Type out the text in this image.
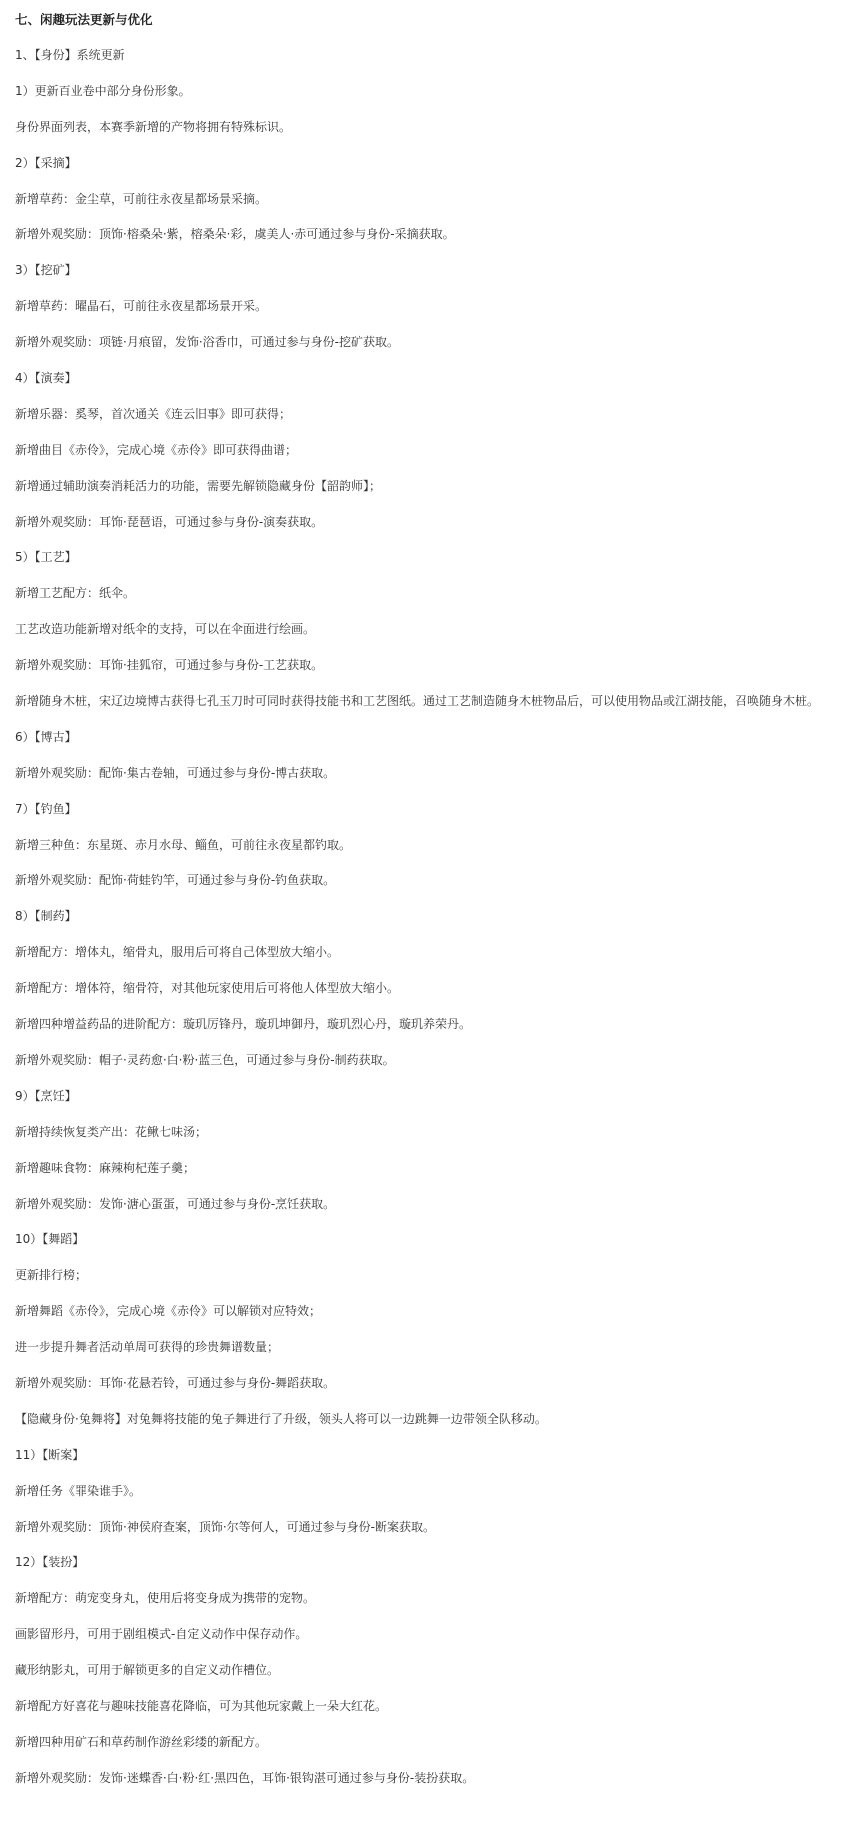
七、闲趣玩法更新与优化

1、【身份】系统更新

1）更新百业卷中部分身份形象。

身份界面列表，本赛季新增的产物将拥有特殊标识。

2）【采摘】

新增草药：金尘草，可前往永夜星都场景采摘。

新增外观奖励：顶饰·榕桑朵·紫，榕桑朵·彩，虞美人·赤可通过参与身份-采摘获取。

3）【挖矿】

新增草药：曜晶石，可前往永夜星都场景开采。

新增外观奖励：项链·月痕留，发饰·浴香巾，可通过参与身份-挖矿获取。

4）【演奏】

新增乐器：奚琴，首次通关《连云旧事》即可获得；

新增曲目《赤伶》，完成心境《赤伶》即可获得曲谱；

新增通过辅助演奏消耗活力的功能，需要先解锁隐藏身份【韶韵师】；

新增外观奖励：耳饰·琵琶语，可通过参与身份-演奏获取。

5）【工艺】

新增工艺配方：纸伞。

工艺改造功能新增对纸伞的支持，可以在伞面进行绘画。

新增外观奖励：耳饰·挂狐帘，可通过参与身份-工艺获取。

新增随身木桩，宋辽边境博古获得七孔玉刀时可同时获得技能书和工艺图纸。通过工艺制造随身木桩物品后，可以使用物品或江湖技能，召唤随身木桩。

6）【博古】

新增外观奖励：配饰·集古卷轴，可通过参与身份-博古获取。

7）【钓鱼】

新增三种鱼：东星斑、赤月水母、鲻鱼，可前往永夜星都钓取。

新增外观奖励：配饰·荷蛙钓竿，可通过参与身份-钓鱼获取。

8）【制药】

新增配方：增体丸，缩骨丸，服用后可将自己体型放大缩小。

新增配方：增体符，缩骨符，对其他玩家使用后可将他人体型放大缩小。

新增四种增益药品的进阶配方：璇玑厉锋丹，璇玑坤御丹，璇玑烈心丹，璇玑养荣丹。

新增外观奖励：帽子·灵药愈·白·粉·蓝三色，可通过参与身份-制药获取。

9）【烹饪】

新增持续恢复类产出：花鳅七味汤；

新增趣味食物：麻辣枸杞莲子羹；

新增外观奖励：发饰·溏心蛋蛋，可通过参与身份-烹饪获取。

10）【舞蹈】

更新排行榜；

新增舞蹈《赤伶》，完成心境《赤伶》可以解锁对应特效；

进一步提升舞者活动单周可获得的珍贵舞谱数量；

新增外观奖励：耳饰·花悬若铃，可通过参与身份-舞蹈获取。

【隐藏身份·兔舞将】对兔舞将技能的兔子舞进行了升级，领头人将可以一边跳舞一边带领全队移动。

11）【断案】

新增任务《罪染谁手》。

新增外观奖励：顶饰·神侯府查案，顶饰·尔等何人，可通过参与身份-断案获取。

12）【装扮】

新增配方：萌宠变身丸，使用后将变身成为携带的宠物。

画影留形丹，可用于剧组模式-自定义动作中保存动作。

藏形纳影丸，可用于解锁更多的自定义动作槽位。

新增配方好喜花与趣味技能喜花降临，可为其他玩家戴上一朵大红花。

新增四种用矿石和草药制作游丝彩缕的新配方。

新增外观奖励：发饰·迷蝶香·白·粉·红·黑四色，耳饰·银钩湛可通过参与身份-装扮获取。
